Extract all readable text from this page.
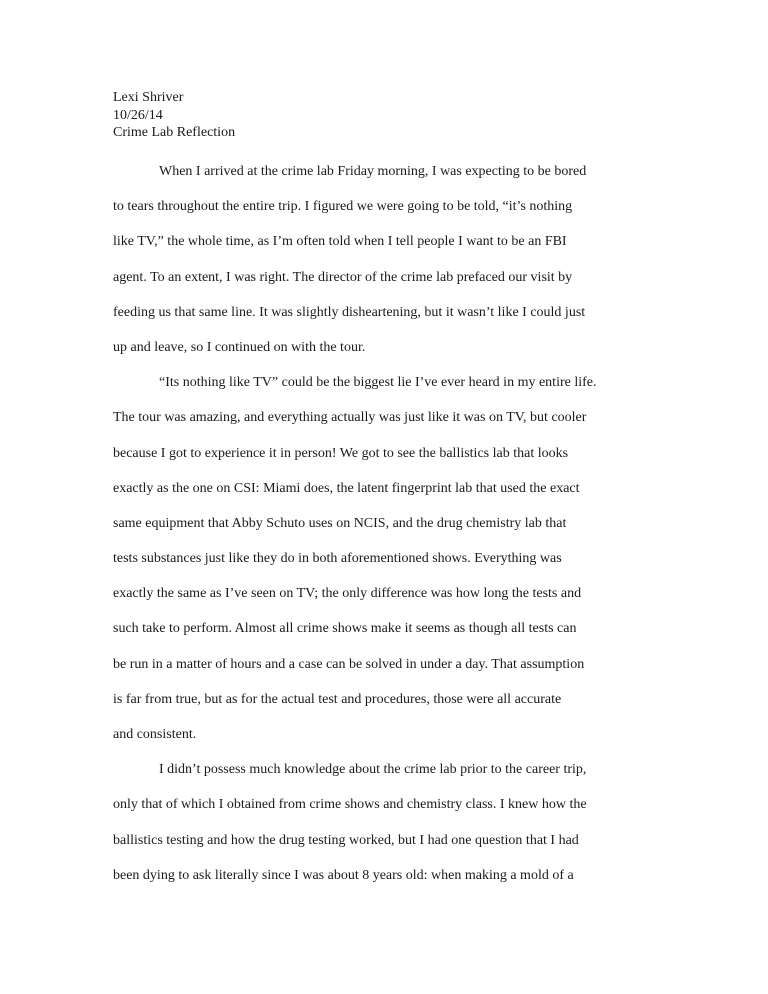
Lexi Shriver
10/26/14
Crime Lab Reflection
When I arrived at the crime lab Friday morning, I was expecting to be bored
to tears throughout the entire trip. I figured we were going to be told, “it’s nothing
like TV,” the whole time, as I’m often told when I tell people I want to be an FBI
agent. To an extent, I was right. The director of the crime lab prefaced our visit by
feeding us that same line. It was slightly disheartening, but it wasn’t like I could just
up and leave, so I continued on with the tour.
“Its nothing like TV” could be the biggest lie I’ve ever heard in my entire life.
The tour was amazing, and everything actually was just like it was on TV, but cooler
because I got to experience it in person! We got to see the ballistics lab that looks
exactly as the one on CSI: Miami does, the latent fingerprint lab that used the exact
same equipment that Abby Schuto uses on NCIS, and the drug chemistry lab that
tests substances just like they do in both aforementioned shows. Everything was
exactly the same as I’ve seen on TV; the only difference was how long the tests and
such take to perform. Almost all crime shows make it seems as though all tests can
be run in a matter of hours and a case can be solved in under a day. That assumption
is far from true, but as for the actual test and procedures, those were all accurate
and consistent.
I didn’t possess much knowledge about the crime lab prior to the career trip,
only that of which I obtained from crime shows and chemistry class. I knew how the
ballistics testing and how the drug testing worked, but I had one question that I had
been dying to ask literally since I was about 8 years old: when making a mold of a
